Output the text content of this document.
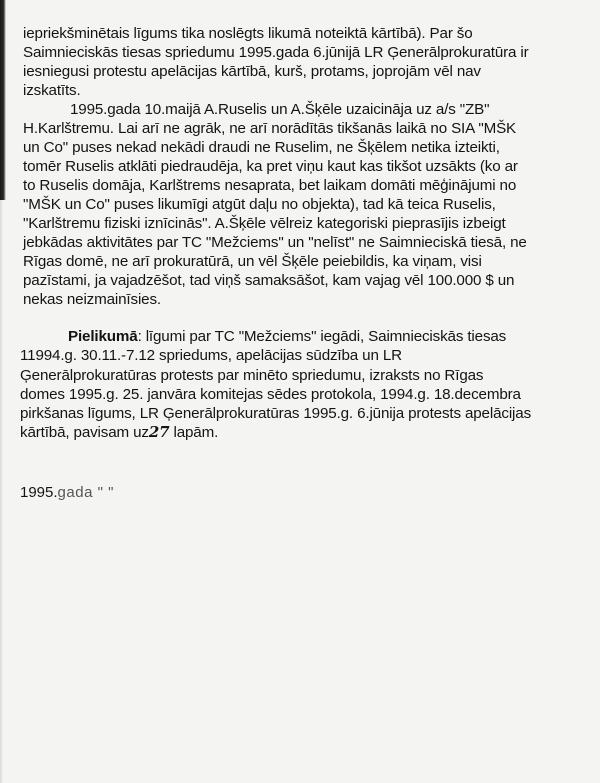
iepriekšminētais līgums tika noslēgts likumā noteiktā kārtībā). Par šo
Saimnieciskās tiesas spriedumu 1995.gada 6.jūnijā LR Ģenerālprokuratūra ir
iesniegusi protestu apelācijas kārtībā, kurš, protams, joprojām vēl nav
izskatīts.
1995.gada 10.maijā A.Ruselis un A.Šķēle uzaicināja uz a/s "ZB"
H.Karlštremu. Lai arī ne agrāk, ne arī norādītās tikšanās laikā no SIA "MŠK
un Co" puses nekad nekādi draudi ne Ruselim, ne Šķēlem netika izteikti,
tomēr Ruselis atklāti piedraudēja, ka pret viņu kaut kas tikšot uzsākts (ko ar
to Ruselis domāja, Karlštrems nesaprata, bet laikam domāti mēģinājumi no
"MŠK un Co" puses likumīgi atgūt daļu no objekta), tad kā teica Ruselis,
"Karlštremu fiziski iznīcinās". A.Šķēle vēlreiz kategoriski pieprasījis izbeigt
jebkādas aktivitātes par TC "Mežciems" un "nelīst" ne Saimnieciskā tiesā, ne
Rīgas domē, ne arī prokuratūrā, un vēl Šķēle peiebildis, ka viņam, visi
pazīstami, ja vajadzēšot, tad viņš samaksāšot, kam vajag vēl 100.000 $ un
nekas neizmainīsies.
Pielikumā: līgumi par TC "Mežciems" iegādi, Saimnieciskās tiesas
11994.g. 30.11.-7.12 spriedums, apelācijas sūdzība un LR
Ģenerālprokuratūras protests par minēto spriedumu, izraksts no Rīgas
domes 1995.g. 25. janvāra komitejas sēdes protokola, 1994.g. 18.decembra
pirkšanas līgums, LR Ģenerālprokuratūras 1995.g. 6.jūnija protests apelācijas
kārtībā, pavisam uz27 lapām.
1995.gada " "
